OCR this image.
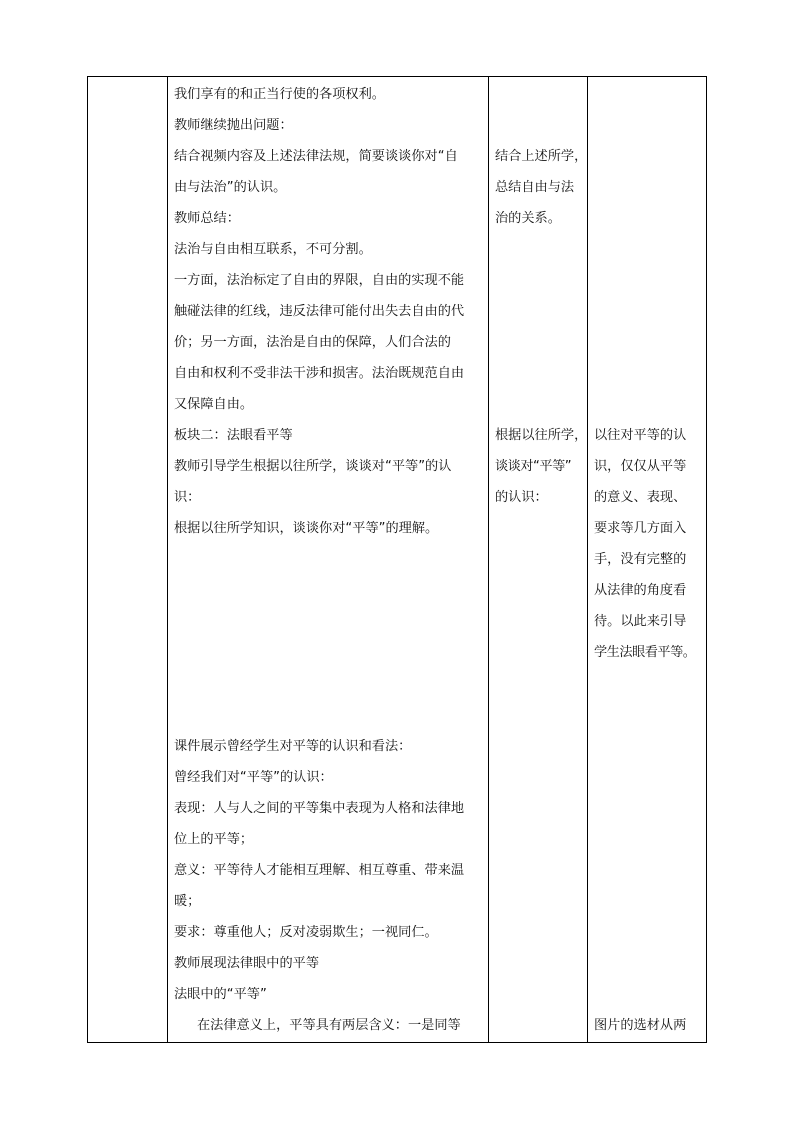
我们享有的和正当行使的各项权利。
教师继续抛出问题：
结合视频内容及上述法律法规，简要谈谈你对“自
由与法治”的认识。
教师总结：
法治与自由相互联系，不可分割。
一方面，法治标定了自由的界限，自由的实现不能
触碰法律的红线，违反法律可能付出失去自由的代
价；另一方面，法治是自由的保障，人们合法的
自由和权利不受非法干涉和损害。法治既规范自由
又保障自由。
板块二：法眼看平等
教师引导学生根据以往所学，谈谈对“平等”的认
识：
根据以往所学知识，谈谈你对“平等”的理解。
课件展示曾经学生对平等的认识和看法：
曾经我们对“平等”的认识：
表现：人与人之间的平等集中表现为人格和法律地
位上的平等；
意义：平等待人才能相互理解、相互尊重、带来温
暖；
要求：尊重他人；反对凌弱欺生；一视同仁。
教师展现法律眼中的平等
法眼中的“平等”
在法律意义上，平等具有两层含义：一是同等
结合上述所学，
总结自由与法
治的关系。
根据以往所学，
谈谈对“平等”
的认识：
以往对平等的认
识，仅仅从平等
的意义、表现、
要求等几方面入
手，没有完整的
从法律的角度看
待。以此来引导
学生法眼看平等。
图片的选材从两
